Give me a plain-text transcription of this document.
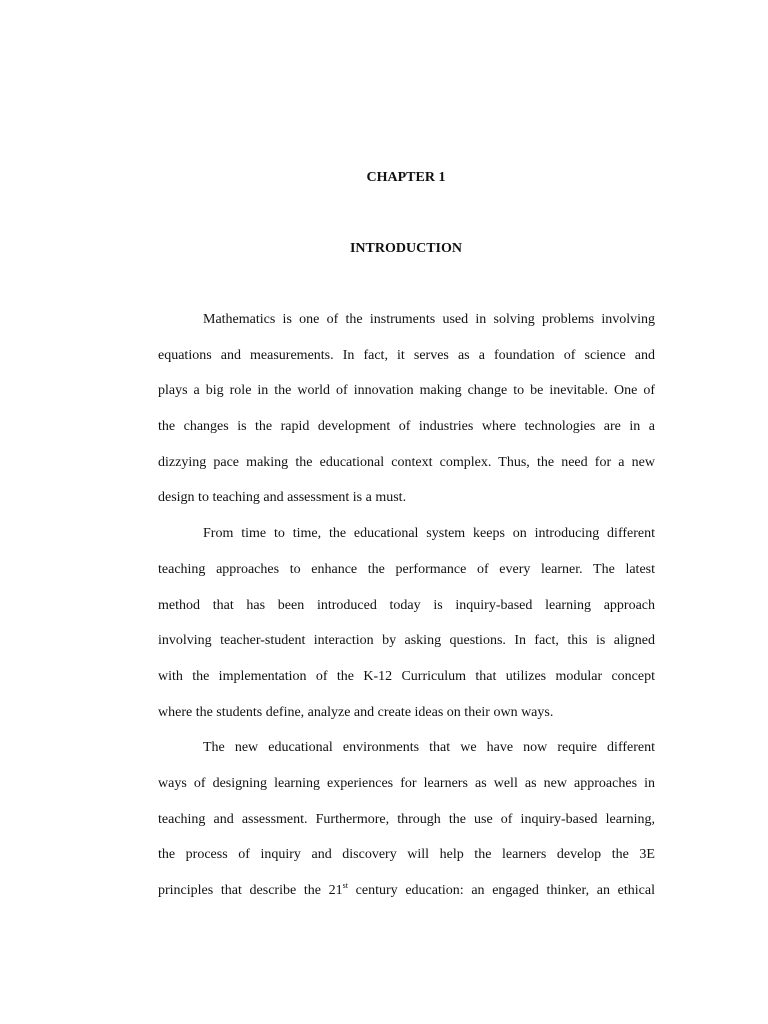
CHAPTER 1
INTRODUCTION
Mathematics is one of the instruments used in solving problems involving
equations and measurements. In fact, it serves as a foundation of science and
plays a big role in the world of innovation making change to be inevitable. One of
the changes is the rapid development of industries where technologies are in a
dizzying pace making the educational context complex. Thus, the need for a new
design to teaching and assessment is a must.
From time to time, the educational system keeps on introducing different
teaching approaches to enhance the performance of every learner. The latest
method that has been introduced today is inquiry-based learning approach
involving teacher-student interaction by asking questions. In fact, this is aligned
with the implementation of the K-12 Curriculum that utilizes modular concept
where the students define, analyze and create ideas on their own ways.
The new educational environments that we have now require different
ways of designing learning experiences for learners as well as new approaches in
teaching and assessment. Furthermore, through the use of inquiry-based learning,
the process of inquiry and discovery will help the learners develop the 3E
principles that describe the 21st century education: an engaged thinker, an ethical
